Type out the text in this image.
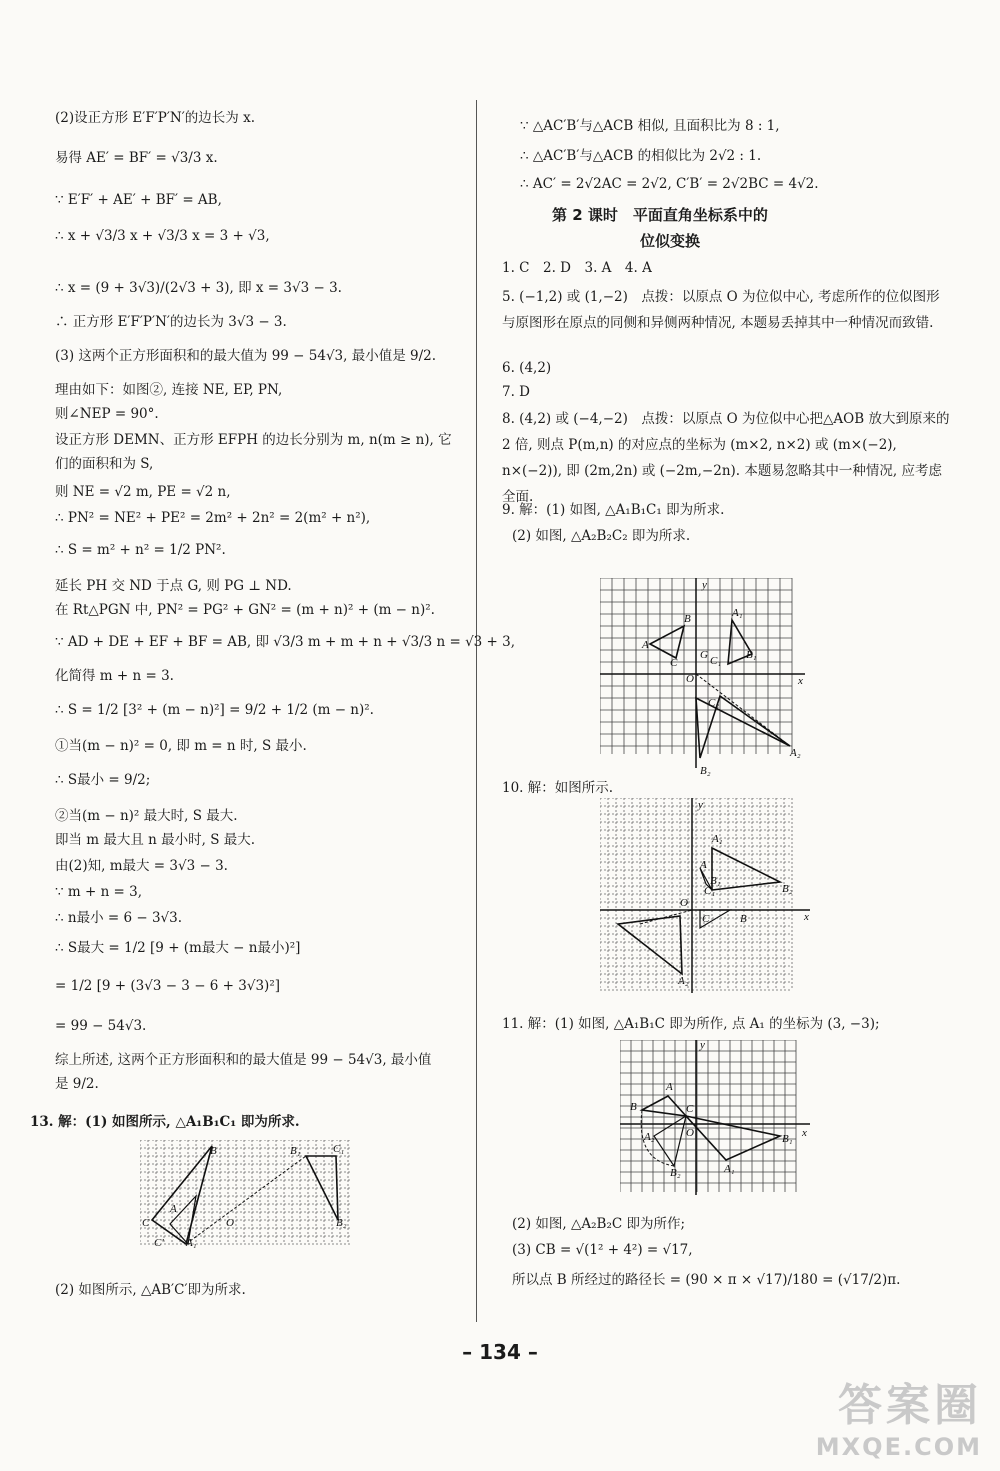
(2)设正方形 E′F′P′N′的边长为 x.
易得 AE′ = BF′ = √3/3 x.
∵ E′F′ + AE′ + BF′ = AB,
∴ x + √3/3 x + √3/3 x = 3 + √3,
∴ x = (9 + 3√3)/(2√3 + 3), 即 x = 3√3 − 3.
∴ 正方形 E′F′P′N′的边长为 3√3 − 3.
(3) 这两个正方形面积和的最大值为 99 − 54√3, 最小值是 9/2.
理由如下：如图②, 连接 NE, EP, PN,
则∠NEP = 90°.
设正方形 DEMN、正方形 EFPH 的边长分别为 m, n(m ≥ n), 它
们的面积和为 S,
则 NE = √2 m, PE = √2 n,
∴ PN² = NE² + PE² = 2m² + 2n² = 2(m² + n²),
∴ S = m² + n² = 1/2 PN².
延长 PH 交 ND 于点 G, 则 PG ⊥ ND.
在 Rt△PGN 中, PN² = PG² + GN² = (m + n)² + (m − n)².
∵ AD + DE + EF + BF = AB, 即 √3/3 m + m + n + √3/3 n = √3 + 3,
化简得 m + n = 3.
∴ S = 1/2 [3² + (m − n)²] = 9/2 + 1/2 (m − n)².
①当(m − n)² = 0, 即 m = n 时, S 最小.
∴ S最小 = 9/2;
②当(m − n)² 最大时, S 最大.
即当 m 最大且 n 最小时, S 最大.
由(2)知, m最大 = 3√3 − 3.
∵ m + n = 3,
∴ n最小 = 6 − 3√3.
∴ S最大 = 1/2 [9 + (m最大 − n最小)²]
= 1/2 [9 + (3√3 − 3 − 6 + 3√3)²]
= 99 − 54√3.
综上所述, 这两个正方形面积和的最大值是 99 − 54√3, 最小值
是 9/2.
13. 解：(1) 如图所示, △A₁B₁C₁ 即为所求.
(2) 如图所示, △AB′C′即为所求.
B	B₁	C₁
C	O
A₁
B₂
C′
A
∵ △AC′B′与△ACB 相似, 且面积比为 8 : 1,
∴ △AC′B′与△ACB 的相似比为 2√2 : 1.
∴ AC′ = 2√2AC = 2√2, C′B′ = 2√2BC = 4√2.
第 2 课时　平面直角坐标系中的
位似变换
1. C　2. D　3. A　4. A
5. (−1,2) 或 (1,−2)　点拨：以原点 O 为位似中心, 考虑所作的位似图形与原图形在原点的同侧和异侧两种情况, 本题易丢掉其中一种情况而致错.
6. (4,2)
7. D
8. (4,2) 或 (−4,−2)　点拨：以原点 O 为位似中心把△AOB 放大到原来的 2 倍, 则点 P(m,n) 的对应点的坐标为 (m×2, n×2) 或 (m×(−2), n×(−2)), 即 (2m,2n) 或 (−2m,−2n). 本题易忽略其中一种情况, 应考虑全面.
9. 解：(1) 如图, △A₁B₁C₁ 即为所求.
(2) 如图, △A₂B₂C₂ 即为所求.
10. 解：如图所示.
11. 解：(1) 如图, △A₁B₁C 即为所作, 点 A₁ 的坐标为 (3, −3);
(2) 如图, △A₂B₂C 即为所作;
(3) CB = √(1² + 4²) = √17,
所以点 B 所经过的路径长 = (90 × π × √17)/180 = (√17/2)π.
B	A₁
A
C	C₁
G	B₁
O	x
y
C₂
A₂
B₂
y
A₁
A
B₁
C₁
O
C	B
B₂
x
A₂
y
A
B	C
A₂	O	B₁
B₂	A₁
x
– 134 –
答案圈
MXQE.COM
